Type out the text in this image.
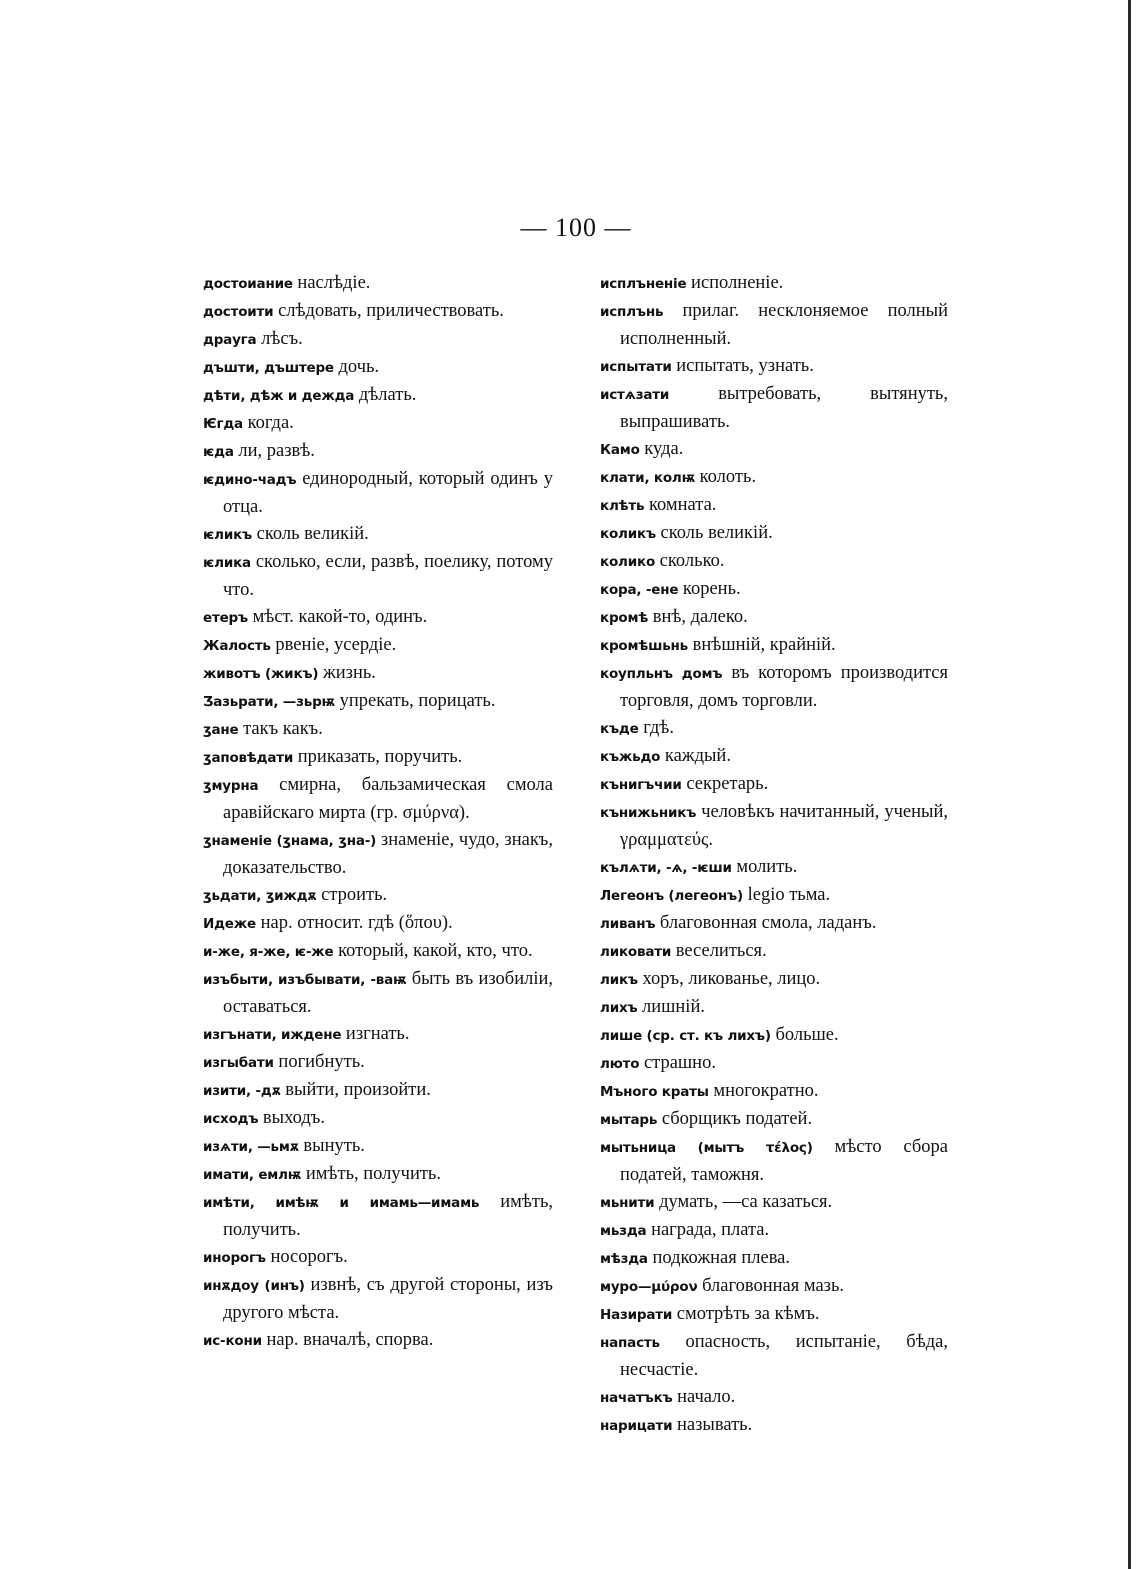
— 100 —

достоиание наслѣдіе.

достоити слѣдовать, приличествовать.

драуга лѣсъ.

дъшти, дъштере дочь.

дѣти, дѣж и дежда дѣлать.

Ѥгда когда.

ѥда ли, развѣ.

ѥдино-чадъ единородный, который одинъ у отца.

ѥликъ сколь великій.

ѥлика сколько, если, развѣ, поелику, потому что.

етеръ мѣст. какой-то, одинъ.

Жалость рвеніе, усердіе.

животъ (жикъ) жизнь.

Ʒазьрати, —зьрѭ упрекать, порицать.

ʒане такъ какъ.

ʒаповѣдати приказать, поручить.

ʒмурна смирна, бальзамическая смола аравійскаго мирта (гр. σμύρνα).

ʒнаменіе (ʒнама, ʒна-) знаменіе, чудо, знакъ, доказательство.

ʒьдати, ʒиждѫ строить.

Идеже нар. относит. гдѣ (ὅπου).

и-же, я-же, ѥ-же который, какой, кто, что.

изъбыти, изъбывати, -ваѭ быть въ изобиліи, оставаться.

изгънати, иждене изгнать.

изгыбати погибнуть.

изити, -дѫ выйти, произойти.

исходъ выходъ.

изѧти, —ьмѫ вынуть.

имати, емлѭ имѣть, получить.

имѣти, имѣѭ и имамь—имамь имѣть, получить.

инорогъ носорогъ.

инѫдоу (инъ) извнѣ, съ другой стороны, изъ другого мѣста.

ис-кони нар. вначалѣ, спорва.

исплъненіе исполненіе.

исплънь прилаг. несклоняемое полный исполненный.

испытати испытать, узнать.

истѧзати	вытребовать, вытянуть, выпрашивать.

Камо куда.

клати, колѭ колоть.

клѣть комната.

коликъ сколь великій.

колико сколько.

кора, -ене корень.

кромѣ внѣ, далеко.

кромѣшьнь внѣшній, крайній.

коупльнъ домъ въ которомъ производится торговля, домъ торговли.

къде гдѣ.

къжьдо каждый.

кънигъчии секретарь.

кънижьникъ человѣкъ начитанный, ученый, γραμματεύς.

кълѧти, -ѧ, -ѥши молить.

Легеонъ (легеонъ) legio тьма.

ливанъ благовонная смола, ладанъ.

ликовати веселиться.

ликъ хоръ, ликованье, лицо.

лихъ лишній.

лише (ср. ст. къ лихъ) больше.

люто страшно.

Мъного краты многократно.

мытарь сборщикъ податей.

мытьница (мытъ τέλος) мѣсто сбора податей, таможня.

мьнити думать, —са казаться.

мьзда награда, плата.

мѣзда подкожная плева.

муро—μύρον благовонная мазь.

Назирати смотрѣть за кѣмъ.

напасть опасность, испытаніе, бѣда, несчастіе.

начатъкъ начало.

нарицати называть.
